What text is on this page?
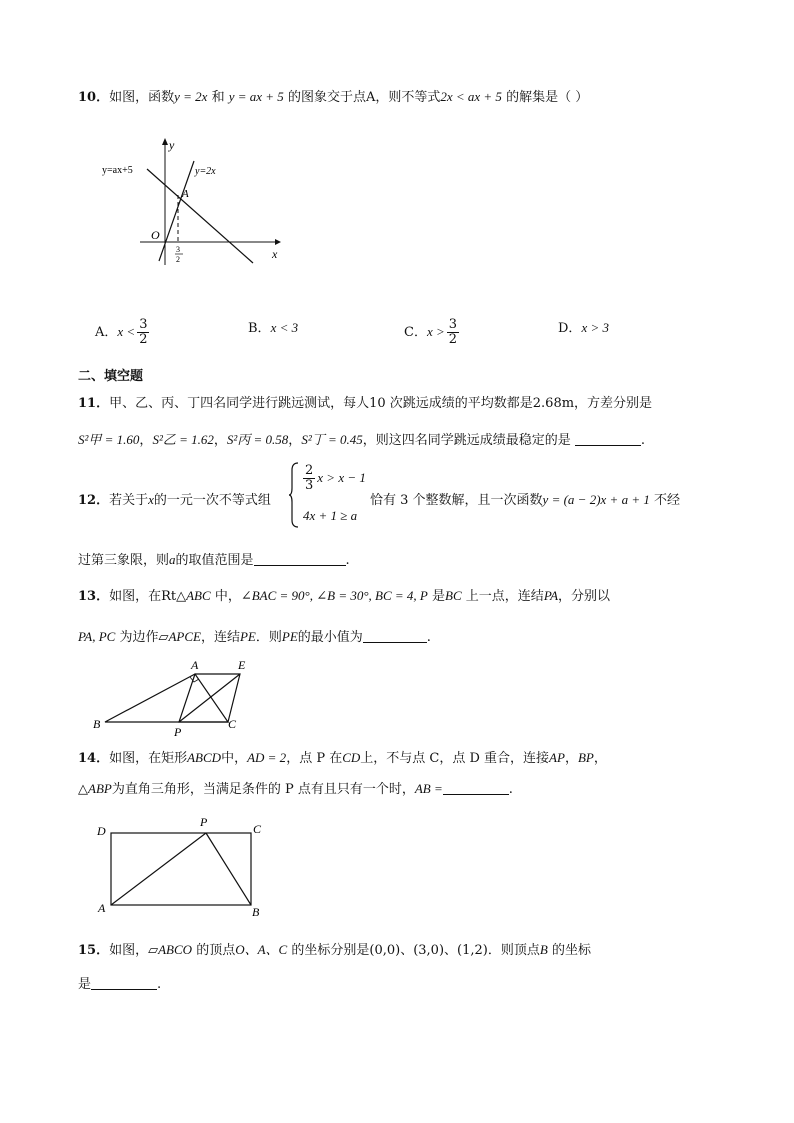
10．如图，函数y = 2x 和 y = ax + 5 的图象交于点A，则不等式2x < ax + 5 的解集是（ ）
y=ax+5	y=2x
y
x
O
A
3
2
A．$x < \frac{3}{2}$	B．x < 3	C．$x > \frac{3}{2}$	D．x > 3
二、填空题
11．甲、乙、丙、丁四名同学进行跳远测试，每人10 次跳远成绩的平均数都是2.68m，方差分别是
S²甲 = 1.60，S²乙 = 1.62，S²丙 = 0.58，S²丁 = 0.45，则这四名同学跳远成绩最稳定的是	.
12．若关于x的一元一次不等式组
$\frac{2}{3}$ x > x − 1
4x + 1 ≥ a
恰有 3 个整数解，且一次函数y = (a − 2)x + a + 1 不经
过第三象限，则a的取值范围是	.
13．如图，在Rt△ABC 中，∠BAC = 90°, ∠B = 30°, BC = 4, P 是BC 上一点，连结PA，分别以
PA, PC 为边作▱APCE，连结PE．则PE的最小值为	.
A	E
B
P
C
14．如图，在矩形ABCD中，AD = 2，点 P 在CD上，不与点 C，点 D 重合，连接AP，BP，
△ABP为直角三角形，当满足条件的 P 点有且只有一个时，AB =	.
D
P	C
A	B
15．如图，▱ABCO 的顶点O、A、C 的坐标分别是(0,0)、(3,0)、(1,2)．则顶点B 的坐标
是	.
